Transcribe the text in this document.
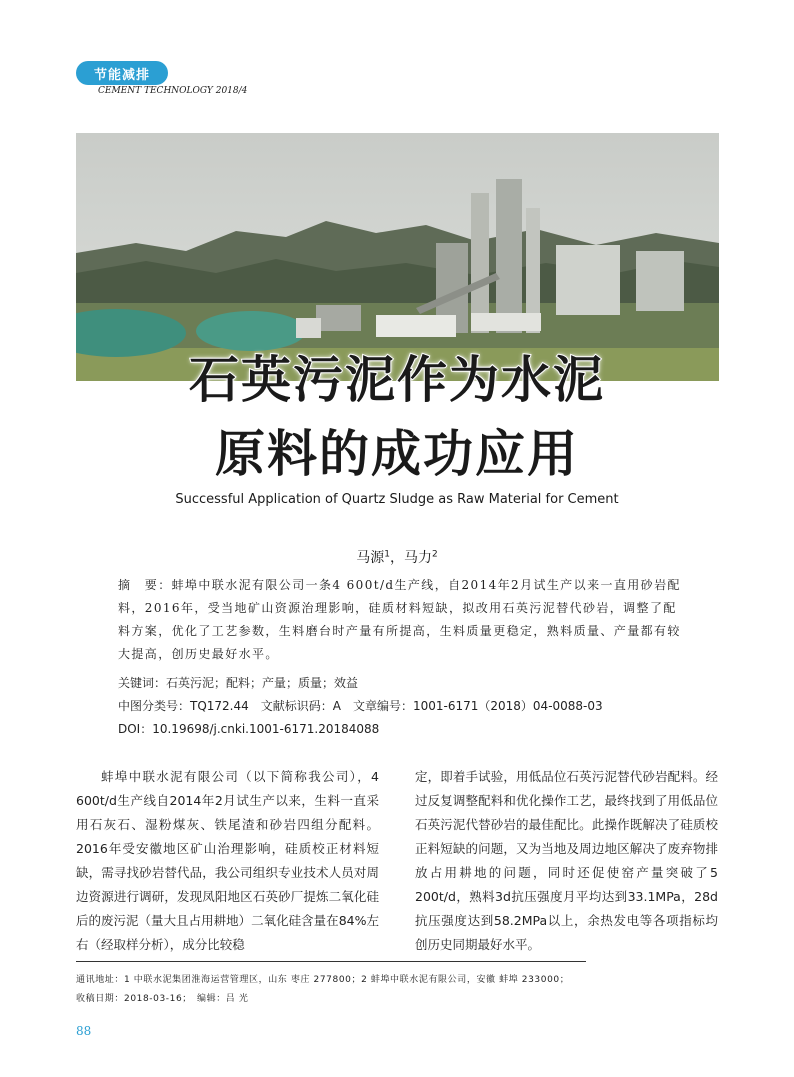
节能减排
CEMENT TECHNOLOGY 2018/4
石英污泥作为水泥
原料的成功应用
Successful Application of Quartz Sludge as Raw Material for Cement
马源$^1$，马力$^2$
摘　要：蚌埠中联水泥有限公司一条4 600t/d生产线，自2014年2月试生产以来一直用砂岩配料，2016年，受当地矿山资源治理影响，硅质材料短缺，拟改用石英污泥替代砂岩，调整了配料方案，优化了工艺参数，生料磨台时产量有所提高，生料质量更稳定，熟料质量、产量都有较大提高，创历史最好水平。
关键词：石英污泥；配料；产量；质量；效益
中图分类号：TQ172.44　文献标识码：A　文章编号：1001-6171（2018）04-0088-03
DOI：10.19698/j.cnki.1001-6171.20184088
蚌埠中联水泥有限公司（以下简称我公司），4 600t/d生产线自2014年2月试生产以来，生料一直采用石灰石、湿粉煤灰、铁尾渣和砂岩四组分配料。2016年受安徽地区矿山治理影响，硅质校正材料短缺，需寻找砂岩替代品，我公司组织专业技术人员对周边资源进行调研，发现凤阳地区石英砂厂提炼二氧化硅后的废污泥（量大且占用耕地）二氧化硅含量在84%左右（经取样分析），成分比较稳
定，即着手试验，用低品位石英污泥替代砂岩配料。经过反复调整配料和优化操作工艺，最终找到了用低品位石英污泥代替砂岩的最佳配比。此操作既解决了硅质校正料短缺的问题，又为当地及周边地区解决了废弃物排放占用耕地的问题，同时还促使窑产量突破了5 200t/d，熟料3d抗压强度月平均达到33.1MPa，28d抗压强度达到58.2MPa以上，余热发电等各项指标均创历史同期最好水平。
通讯地址：1 中联水泥集团淮海运营管理区，山东 枣庄 277800；2 蚌埠中联水泥有限公司，安徽 蚌埠 233000；
收稿日期：2018-03-16；　编辑：吕 光
88
